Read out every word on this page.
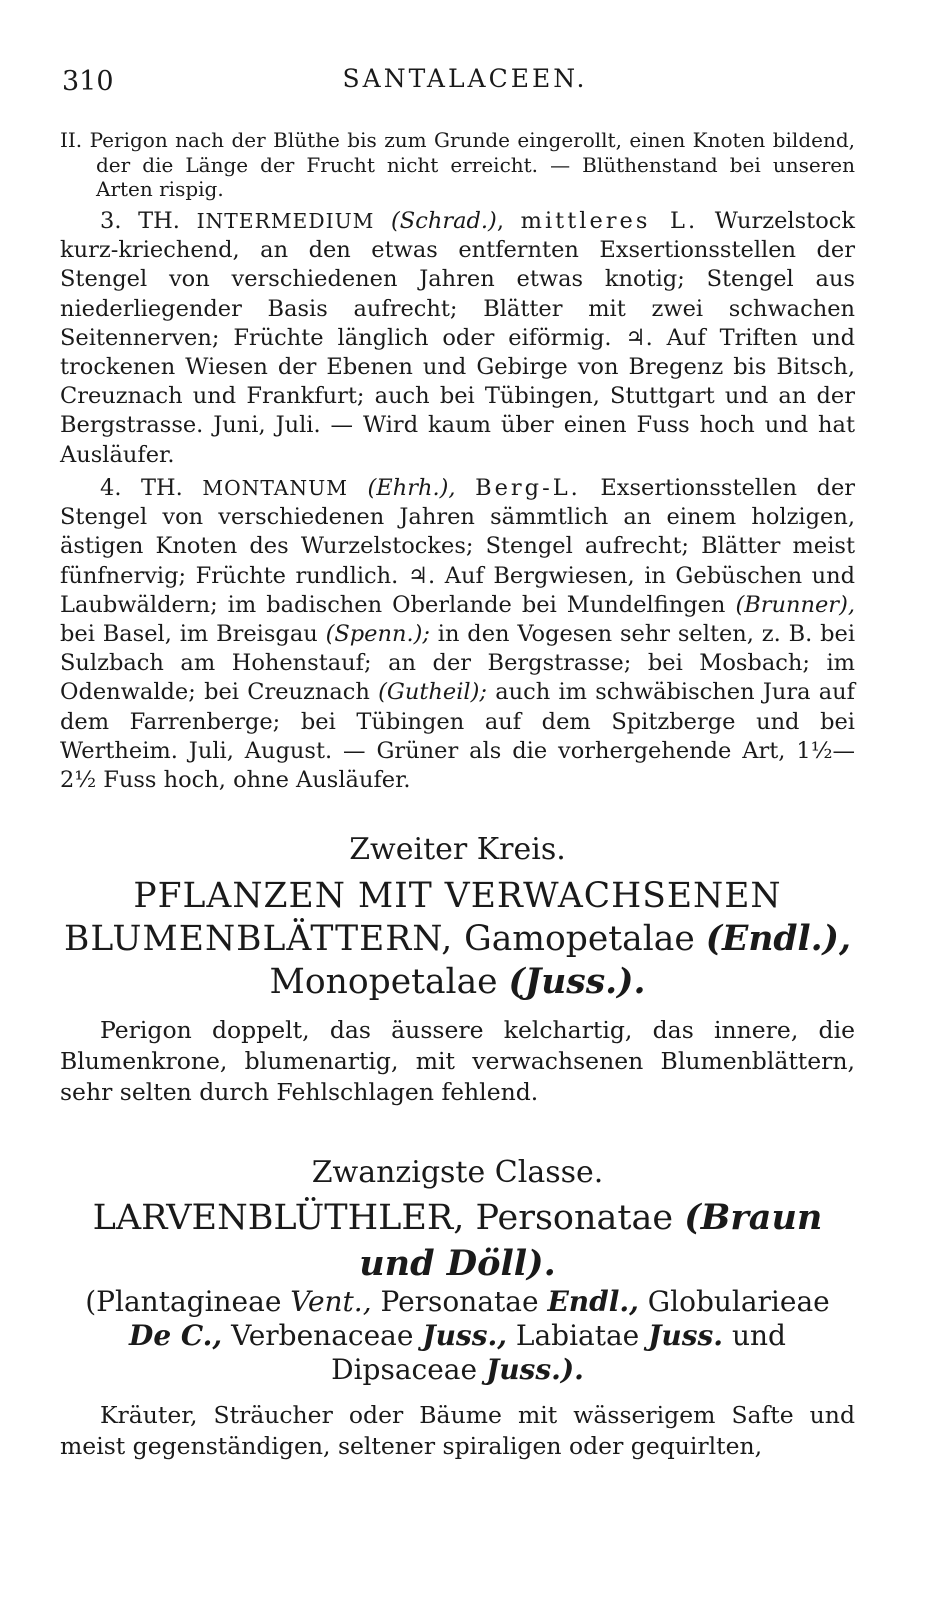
310	SANTALACEEN.
II. Perigon nach der Blüthe bis zum Grunde eingerollt, einen Knoten bildend, der die Länge der Frucht nicht erreicht. — Blüthenstand bei unseren Arten rispig.
3. TH. INTERMEDIUM (Schrad.), mittleres L. Wurzelstock kurz-kriechend, an den etwas entfernten Exsertionsstellen der Stengel von verschiedenen Jahren etwas knotig; Stengel aus niederliegender Basis aufrecht; Blätter mit zwei schwachen Seitennerven; Früchte länglich oder eiförmig. ♃. Auf Triften und trockenen Wiesen der Ebenen und Gebirge von Bregenz bis Bitsch, Creuznach und Frankfurt; auch bei Tübingen, Stuttgart und an der Bergstrasse. Juni, Juli. — Wird kaum über einen Fuss hoch und hat Ausläufer.
4. TH. MONTANUM (Ehrh.), Berg-L. Exsertionsstellen der Stengel von verschiedenen Jahren sämmtlich an einem holzigen, ästigen Knoten des Wurzelstockes; Stengel aufrecht; Blätter meist fünfnervig; Früchte rundlich. ♃. Auf Bergwiesen, in Gebüschen und Laubwäldern; im badischen Oberlande bei Mundelfingen (Brunner), bei Basel, im Breisgau (Spenn.); in den Vogesen sehr selten, z. B. bei Sulzbach am Hohenstauf; an der Bergstrasse; bei Mosbach; im Odenwalde; bei Creuznach (Gutheil); auch im schwäbischen Jura auf dem Farrenberge; bei Tübingen auf dem Spitzberge und bei Wertheim. Juli, August. — Grüner als die vorhergehende Art, 1½—2½ Fuss hoch, ohne Ausläufer.
Zweiter Kreis.
PFLANZEN MIT VERWACHSENEN BLUMENBLÄTTERN, Gamopetalae (Endl.), Monopetalae (Juss.).
Perigon doppelt, das äussere kelchartig, das innere, die Blumenkrone, blumenartig, mit verwachsenen Blumenblättern, sehr selten durch Fehlschlagen fehlend.
Zwanzigste Classe.
LARVENBLÜTHLER, Personatae (Braun und Döll).
(Plantagineae Vent., Personatae Endl., Globularieae De C., Verbenaceae Juss., Labiatae Juss. und Dipsaceae Juss.).
Kräuter, Sträucher oder Bäume mit wässerigem Safte und meist gegenständigen, seltener spiraligen oder gequirlten,
